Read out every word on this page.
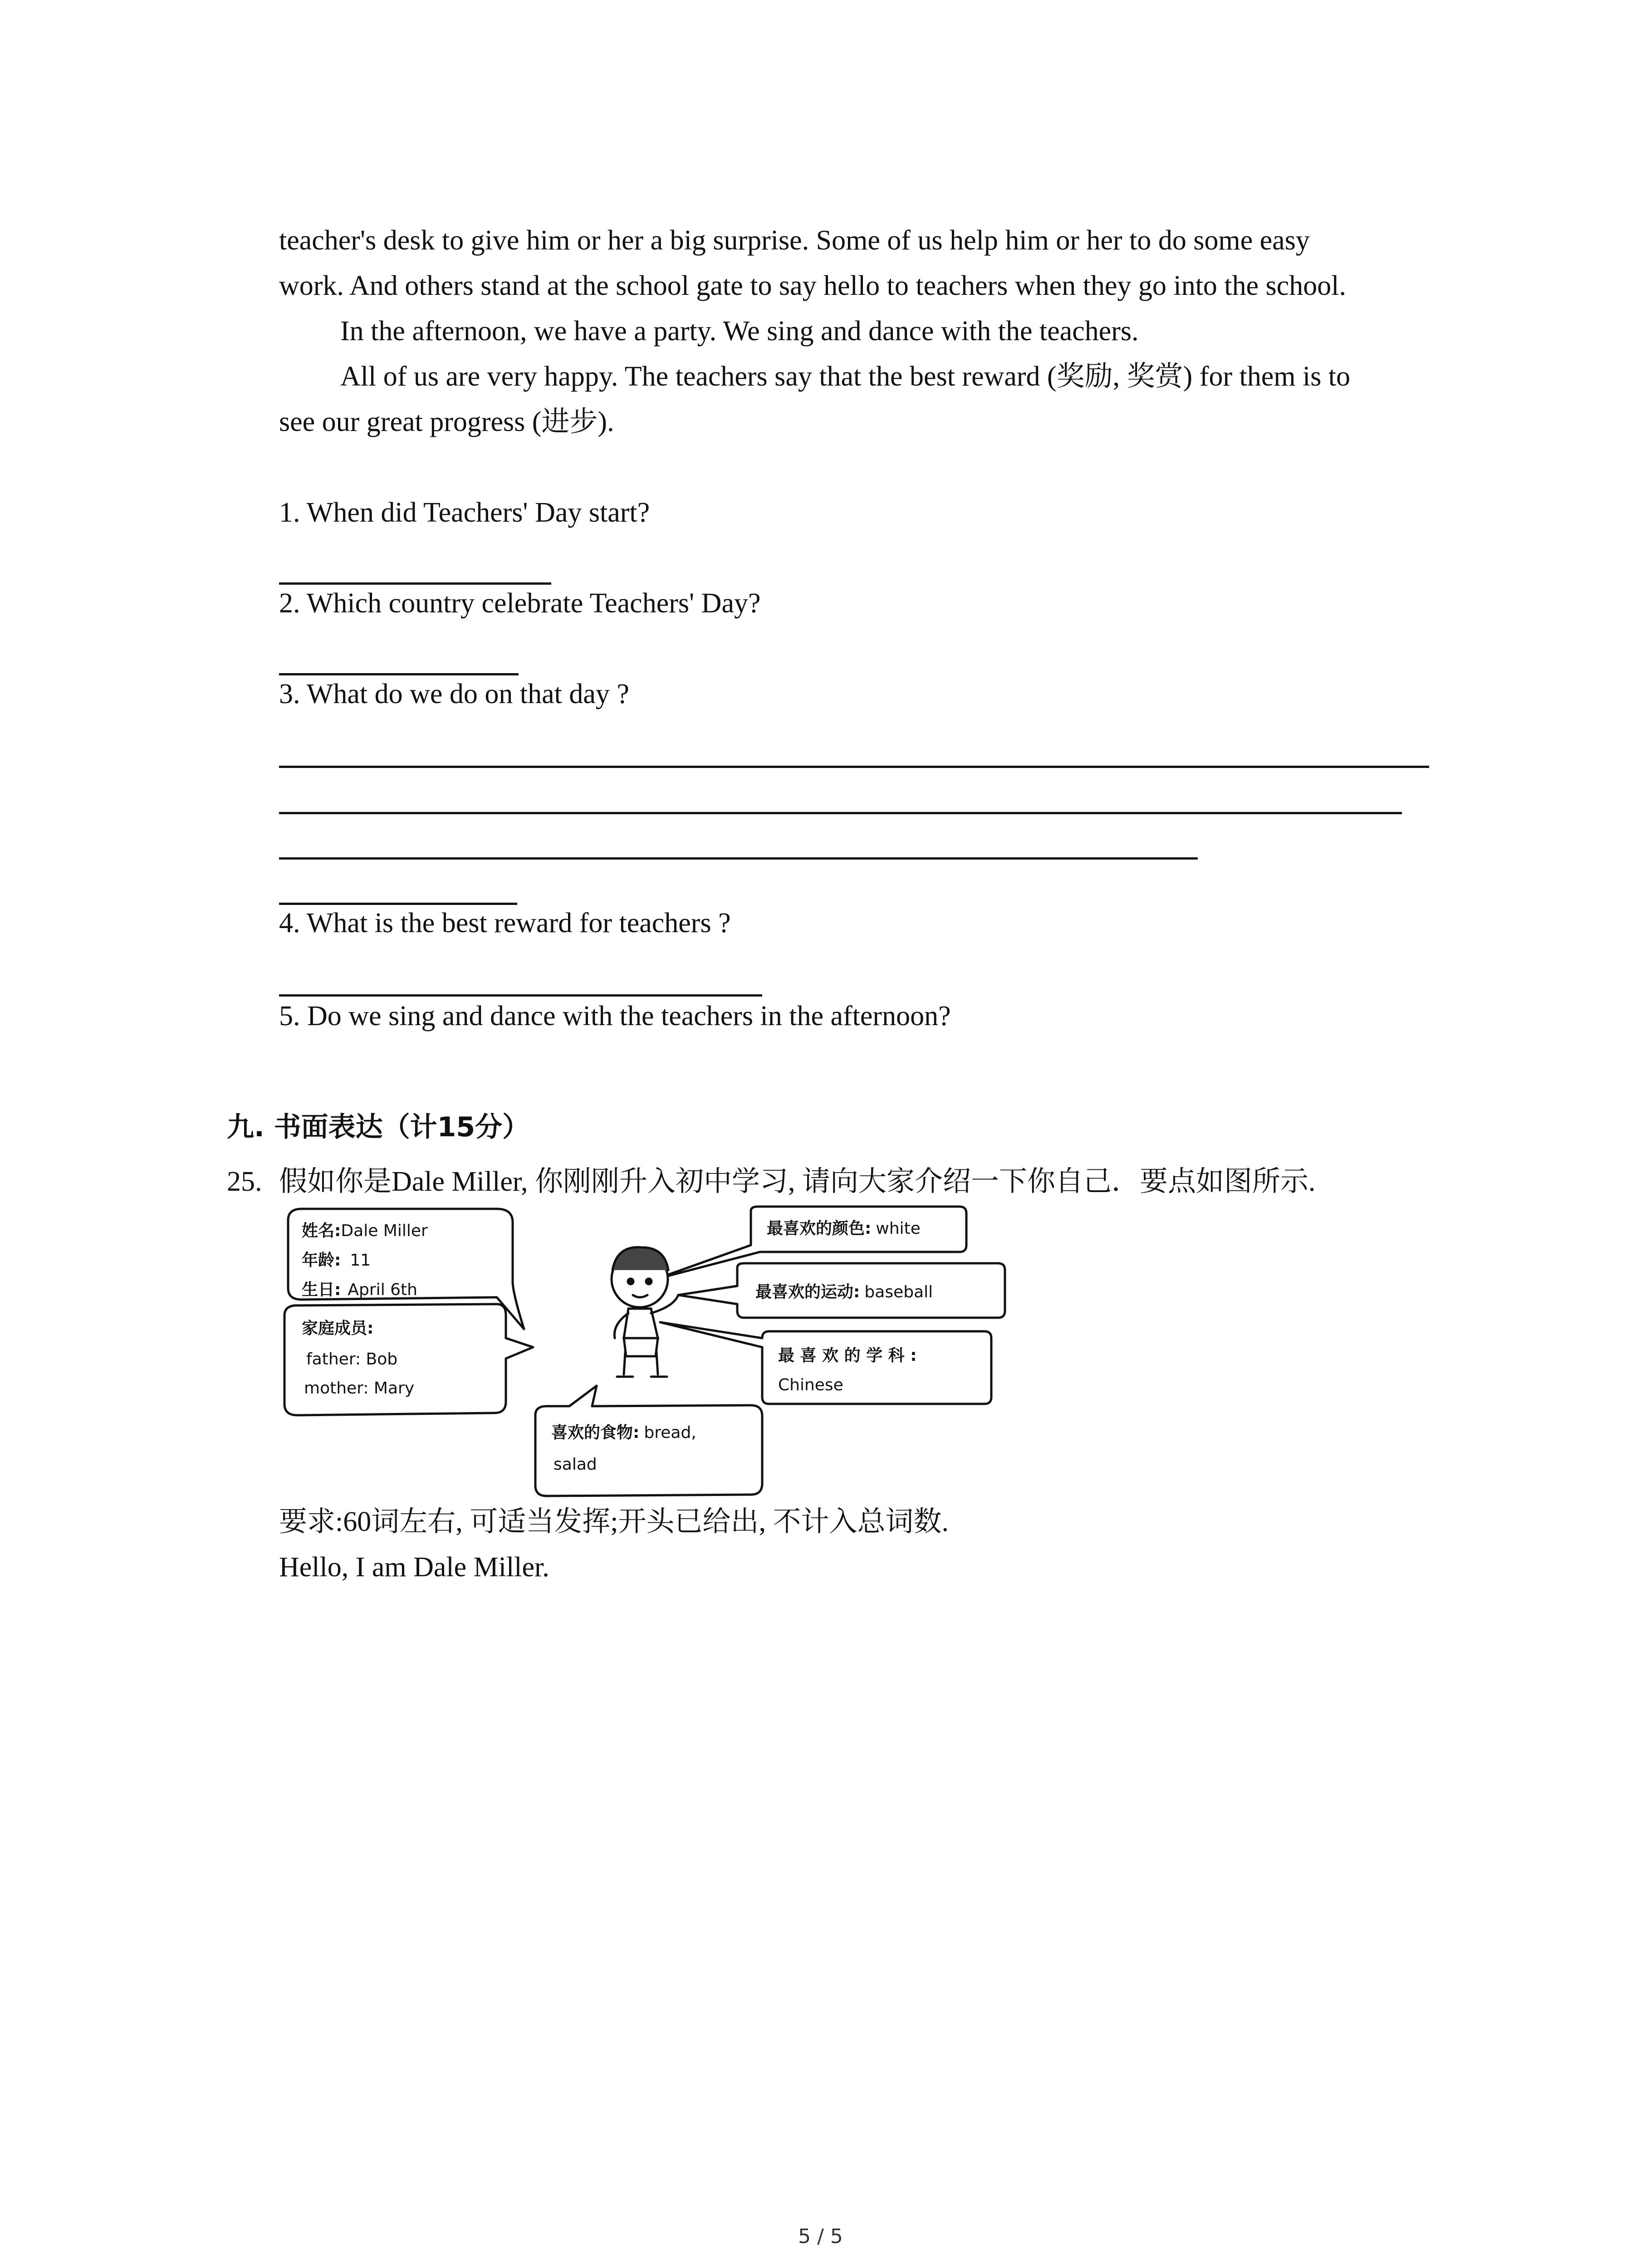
teacher's desk to give him or her a big surprise. Some of us help him or her to do some easy
work. And others stand at the school gate to say hello to teachers when they go into the school.
In the afternoon, we have a party. We sing and dance with the teachers.
All of us are very happy. The teachers say that the best reward (奖励, 奖赏) for them is to
see our great progress (进步).
1. When did Teachers' Day start?
2. Which country celebrate Teachers' Day?
3. What do we do on that day ?
4. What is the best reward for teachers ?
5. Do we sing and dance with the teachers in the afternoon?
九. 书面表达（计15分）
25. 假如你是Dale Miller, 你刚刚升入初中学习, 请向大家介绍一下你自己．要点如图所示.
姓名:Dale Miller
年龄: 11
生日: April 6th
家庭成员:
father: Bob
mother: Mary
最喜欢的颜色: white
最喜欢的运动: baseball
最 喜 欢 的 学 科 :
Chinese
喜欢的食物: bread,
salad
要求:60词左右, 可适当发挥;开头已给出, 不计入总词数.
Hello, I am Dale Miller.
5 / 5
